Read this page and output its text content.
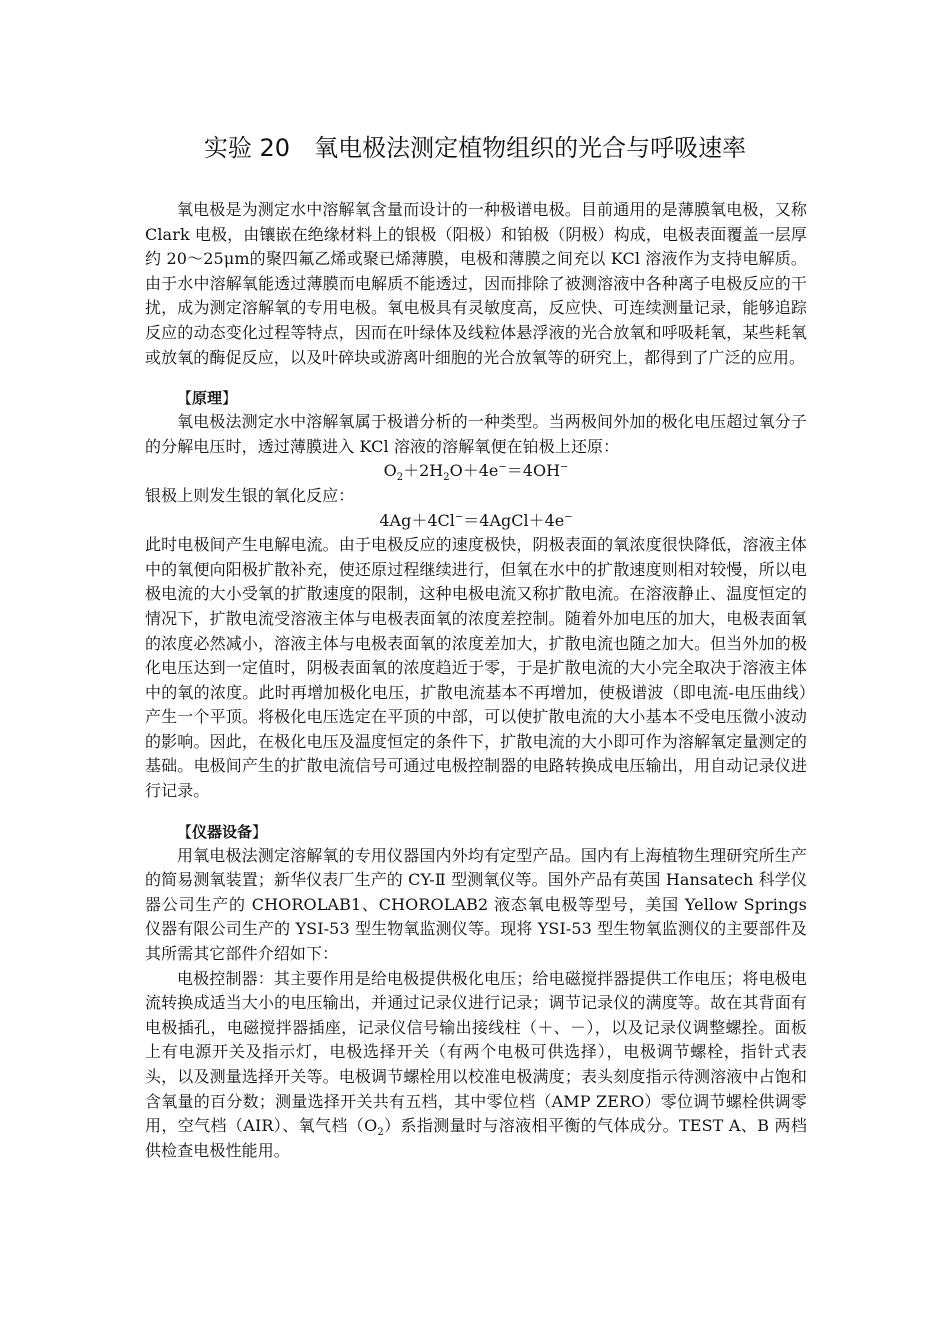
实验 20　氧电极法测定植物组织的光合与呼吸速率

氧电极是为测定水中溶解氧含量而设计的一种极谱电极。目前通用的是薄膜氧电极，又称 Clark 电极，由镶嵌在绝缘材料上的银极（阳极）和铂极（阴极）构成，电极表面覆盖一层厚约 20～25μm的聚四氟乙烯或聚已烯薄膜，电极和薄膜之间充以 KCl 溶液作为支持电解质。由于水中溶解氧能透过薄膜而电解质不能透过，因而排除了被测溶液中各种离子电极反应的干扰，成为测定溶解氧的专用电极。氧电极具有灵敏度高，反应快、可连续测量记录，能够追踪反应的动态变化过程等特点，因而在叶绿体及线粒体悬浮液的光合放氧和呼吸耗氧，某些耗氧或放氧的酶促反应，以及叶碎块或游离叶细胞的光合放氧等的研究上，都得到了广泛的应用。

【原理】

氧电极法测定水中溶解氧属于极谱分析的一种类型。当两极间外加的极化电压超过氧分子的分解电压时，透过薄膜进入 KCl 溶液的溶解氧便在铂极上还原：

$O_2+2H_2O+4e^-=4OH^-$

银极上则发生银的氧化反应：

4Ag＋4Cl−＝4AgCl＋4e−

此时电极间产生电解电流。由于电极反应的速度极快，阴极表面的氧浓度很快降低，溶液主体中的氧便向阳极扩散补充，使还原过程继续进行，但氧在水中的扩散速度则相对较慢，所以电极电流的大小受氧的扩散速度的限制，这种电极电流又称扩散电流。在溶液静止、温度恒定的情况下，扩散电流受溶液主体与电极表面氧的浓度差控制。随着外加电压的加大，电极表面氧的浓度必然减小，溶液主体与电极表面氧的浓度差加大，扩散电流也随之加大。但当外加的极化电压达到一定值时，阴极表面氧的浓度趋近于零，于是扩散电流的大小完全取决于溶液主体中的氧的浓度。此时再增加极化电压，扩散电流基本不再增加，使极谱波（即电流-电压曲线）产生一个平顶。将极化电压选定在平顶的中部，可以使扩散电流的大小基本不受电压微小波动的影响。因此，在极化电压及温度恒定的条件下，扩散电流的大小即可作为溶解氧定量测定的基础。电极间产生的扩散电流信号可通过电极控制器的电路转换成电压输出，用自动记录仪进行记录。

【仪器设备】

用氧电极法测定溶解氧的专用仪器国内外均有定型产品。国内有上海植物生理研究所生产的简易测氧装置；新华仪表厂生产的 CY-Ⅱ 型测氧仪等。国外产品有英国 Hansatech 科学仪器公司生产的 CHOROLAB1、CHOROLAB2 液态氧电极等型号，美国 Yellow Springs 仪器有限公司生产的 YSI-53 型生物氧监测仪等。现将 YSI-53 型生物氧监测仪的主要部件及其所需其它部件介绍如下：

电极控制器：其主要作用是给电极提供极化电压；给电磁搅拌器提供工作电压；将电极电流转换成适当大小的电压输出，并通过记录仪进行记录；调节记录仪的满度等。故在其背面有电极插孔，电磁搅拌器插座，记录仪信号输出接线柱（＋、－），以及记录仪调整螺拴。面板上有电源开关及指示灯，电极选择开关（有两个电极可供选择），电极调节螺栓，指针式表头，以及测量选择开关等。电极调节螺栓用以校准电极满度；表头刻度指示待测溶液中占饱和含氧量的百分数；测量选择开关共有五档，其中零位档（AMP ZERO）零位调节螺栓供调零用，空气档（AIR）、氧气档$(O_2)$系指测量时与溶液相平衡的气体成分。TEST A、B 两档供检查电极性能用。
